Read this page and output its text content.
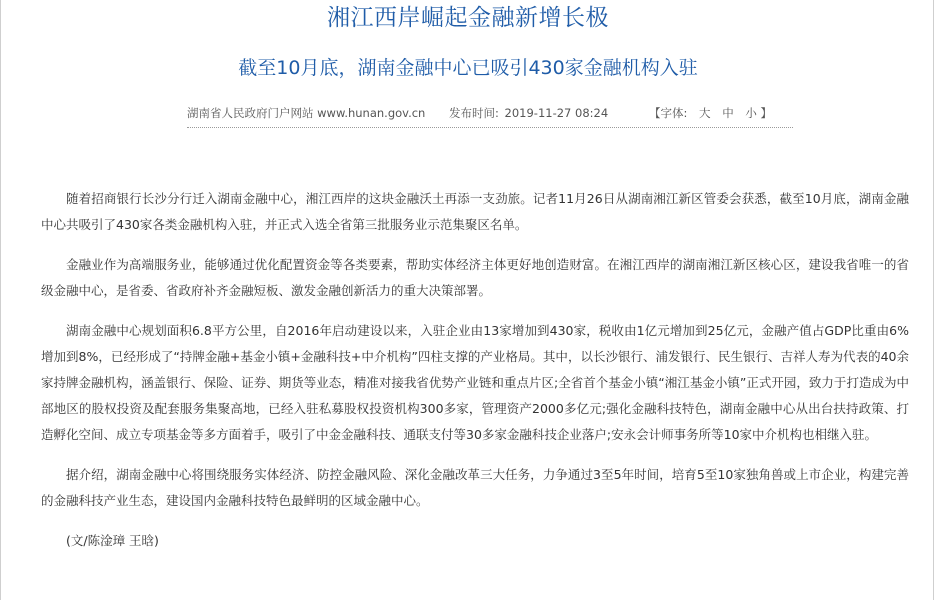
湘江西岸崛起金融新增长极
截至10月底，湖南金融中心已吸引430家金融机构入驻
湖南省人民政府门户网站 www.hunan.gov.cn 发布时间: 2019-11-27 08:24	【字体: 大 中 小 】

随着招商银行长沙分行迁入湖南金融中心，湘江西岸的这块金融沃土再添一支劲旅。记者11月26日从湖南湘江新区管委会获悉，截至10月底，湖南金融中心共吸引了430家各类金融机构入驻，并正式入选全省第三批服务业示范集聚区名单。

金融业作为高端服务业，能够通过优化配置资金等各类要素，帮助实体经济主体更好地创造财富。在湘江西岸的湖南湘江新区核心区，建设我省唯一的省级金融中心，是省委、省政府补齐金融短板、激发金融创新活力的重大决策部署。

湖南金融中心规划面积6.8平方公里，自2016年启动建设以来，入驻企业由13家增加到430家，税收由1亿元增加到25亿元，金融产值占GDP比重由6%增加到8%，已经形成了“持牌金融+基金小镇+金融科技+中介机构”四柱支撑的产业格局。其中，以长沙银行、浦发银行、民生银行、吉祥人寿为代表的40余家持牌金融机构，涵盖银行、保险、证券、期货等业态，精准对接我省优势产业链和重点片区;全省首个基金小镇“湘江基金小镇”正式开园，致力于打造成为中部地区的股权投资及配套服务集聚高地，已经入驻私募股权投资机构300多家，管理资产2000多亿元;强化金融科技特色，湖南金融中心从出台扶持政策、打造孵化空间、成立专项基金等多方面着手，吸引了中金金融科技、通联支付等30多家金融科技企业落户;安永会计师事务所等10家中介机构也相继入驻。

据介绍，湖南金融中心将围绕服务实体经济、防控金融风险、深化金融改革三大任务，力争通过3至5年时间，培育5至10家独角兽或上市企业，构建完善的金融科技产业生态，建设国内金融科技特色最鲜明的区域金融中心。

(文/陈淦璋 王晗)
